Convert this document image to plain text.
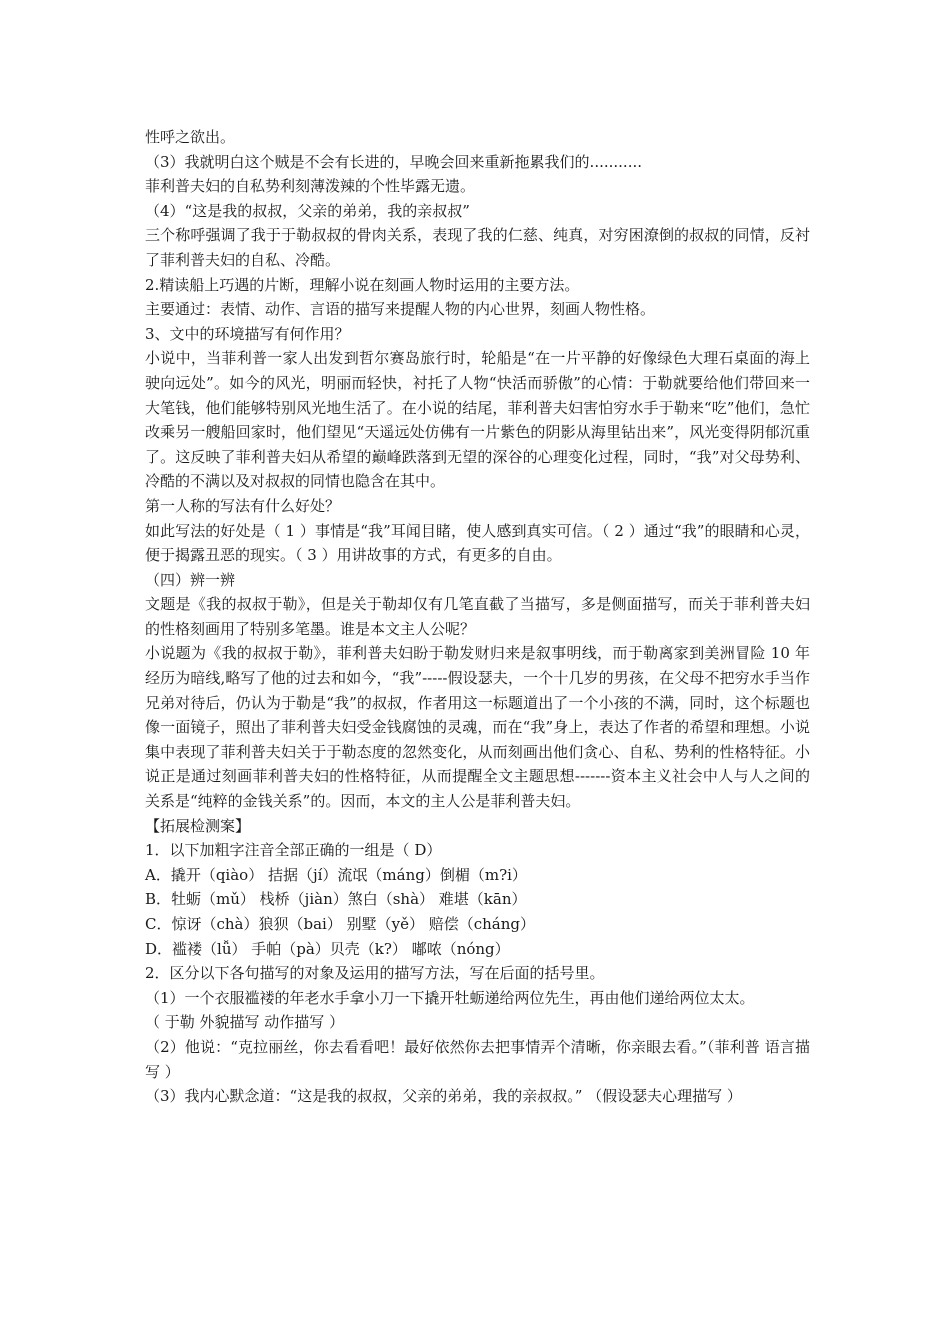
性呼之欲出。

（3）我就明白这个贼是不会有长进的，早晚会回来重新拖累我们的...........

菲利普夫妇的自私势利刻薄泼辣的个性毕露无遗。

（4）“这是我的叔叔，父亲的弟弟，我的亲叔叔”

三个称呼强调了我于于勒叔叔的骨肉关系，表现了我的仁慈、纯真，对穷困潦倒的叔叔的同情，反衬了菲利普夫妇的自私、冷酷。

2.精读船上巧遇的片断，理解小说在刻画人物时运用的主要方法。

主要通过：表情、动作、言语的描写来提醒人物的内心世界，刻画人物性格。

3、文中的环境描写有何作用？

小说中，当菲利普一家人出发到哲尔赛岛旅行时，轮船是“在一片平静的好像绿色大理石桌面的海上驶向远处”。如今的风光，明丽而轻快，衬托了人物“快活而骄傲”的心情：于勒就要给他们带回来一大笔钱，他们能够特别风光地生活了。在小说的结尾，菲利普夫妇害怕穷水手于勒来“吃”他们，急忙改乘另一艘船回家时，他们望见“天遥远处仿佛有一片紫色的阴影从海里钻出来”，风光变得阴郁沉重了。这反映了菲利普夫妇从希望的巅峰跌落到无望的深谷的心理变化过程，同时，“我”对父母势利、冷酷的不满以及对叔叔的同情也隐含在其中。

第一人称的写法有什么好处？

如此写法的好处是（ 1 ）事情是“我”耳闻目睹，使人感到真实可信。（ 2 ）通过“我”的眼睛和心灵，便于揭露丑恶的现实。（ 3 ）用讲故事的方式，有更多的自由。

（四）辨一辨

文题是《我的叔叔于勒》，但是关于勒却仅有几笔直截了当描写，多是侧面描写，而关于菲利普夫妇的性格刻画用了特别多笔墨。谁是本文主人公呢？

小说题为《我的叔叔于勒》，菲利普夫妇盼于勒发财归来是叙事明线，而于勒离家到美洲冒险 10 年经历为暗线,略写了他的过去和如今，“我”-----假设瑟夫，一个十几岁的男孩，在父母不把穷水手当作兄弟对待后，仍认为于勒是“我”的叔叔，作者用这一标题道出了一个小孩的不满，同时，这个标题也像一面镜子，照出了菲利普夫妇受金钱腐蚀的灵魂，而在“我”身上，表达了作者的希望和理想。小说集中表现了菲利普夫妇关于于勒态度的忽然变化，从而刻画出他们贪心、自私、势利的性格特征。小说正是通过刻画菲利普夫妇的性格特征，从而提醒全文主题思想-------资本主义社会中人与人之间的关系是“纯粹的金钱关系”的。因而，本文的主人公是菲利普夫妇。

【拓展检测案】

1．以下加粗字注音全部正确的一组是（ D）

A．撬开（qiào） 拮据（jí）流氓（máng）倒楣（m?i）

B．牡蛎（mǔ） 栈桥（jiàn）煞白（shà） 难堪（kān）

C．惊讶（chà）狼狈（bai） 别墅（yě） 赔偿（cháng）

D．褴褛（lǚ） 手帕（pà）贝壳（k?） 嘟哝（nóng）

2．区分以下各句描写的对象及运用的描写方法，写在后面的括号里。

（1）一个衣服褴褛的年老水手拿小刀一下撬开牡蛎递给两位先生，再由他们递给两位太太。

（ 于勒 外貌描写 动作描写 ）

（2）他说：“克拉丽丝，你去看看吧！最好依然你去把事情弄个清晰，你亲眼去看。”（菲利普 语言描写 ）

（3）我内心默念道：“这是我的叔叔，父亲的弟弟，我的亲叔叔。” （假设瑟夫心理描写 ）
